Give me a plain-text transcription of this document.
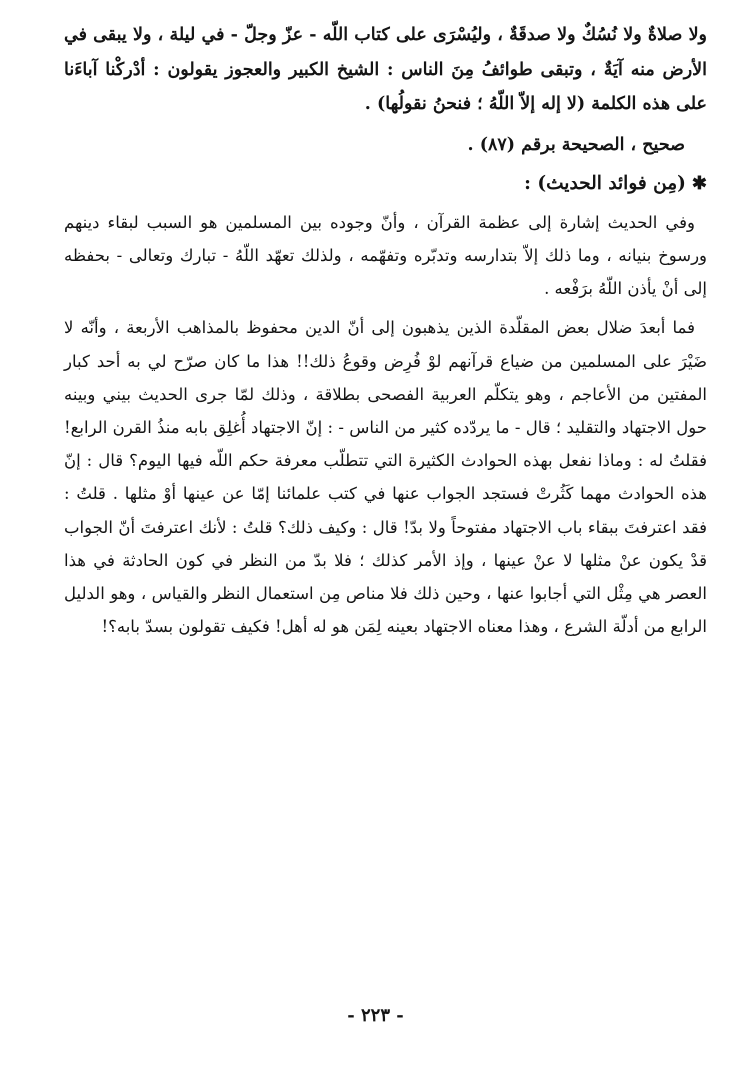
ولا صلاةٌ ولا نُسُكٌ ولا صدقَةٌ ، وليُسْرَى على كتاب اللّه - عزّ وجلّ - في ليلة ، ولا يبقى في الأرض منه آيَةٌ ، وتبقى طوائفُ مِنَ الناس : الشيخ الكبير والعجوز يقولون : أدْركْنا آباءَنا على هذه الكلمة (لا إله إلاّ اللّهُ ؛ فنحنُ نقولُها) .
صحيح ، الصحيحة برقم (٨٧) .
✱
(مِن فوائد الحديث) :
وفي الحديث إشارة إلى عظمة القرآن ، وأنّ وجوده بين المسلمين هو السبب لبقاء دينهم ورسوخ بنيانه ، وما ذلك إلاّ بتدارسه وتدبّره وتفهّمه ، ولذلك تعهّد اللّهُ - تبارك وتعالى - بحفظه إلى أنْ يأذن اللّهُ برَفْعه .
فما أبعدَ ضلال بعض المقلّدة الذين يذهبون إلى أنّ الدين محفوظ بالمذاهب الأربعة ، وأنّه لا ضَيْرَ على المسلمين من ضياع قرآنهم لوْ فُرِض وقوعُ ذلك!! هذا ما كان صرّح لي به أحد كبار المفتين من الأعاجم ، وهو يتكلّم العربية الفصحى بطلاقة ، وذلك لمّا جرى الحديث بيني وبينه حول الاجتهاد والتقليد ؛ قال - ما يردّده كثير من الناس - : إنّ الاجتهاد أُغلِق بابه منذُ القرن الرابع! فقلتُ له : وماذا نفعل بهذه الحوادث الكثيرة التي تتطلّب معرفة حكم اللّه فيها اليوم؟ قال : إنّ هذه الحوادث مهما كَثُرتْ فستجد الجواب عنها في كتب علمائنا إمّا عن عينها أوْ مثلها . قلتُ : فقد اعترفتَ ببقاء باب الاجتهاد مفتوحاً ولا بدّ! قال : وكيف ذلك؟ قلتُ : لأنك اعترفتَ أنّ الجواب قدْ يكون عنْ مثلها لا عنْ عينها ، وإذ الأمر كذلك ؛ فلا بدّ من النظر في كون الحادثة في هذا العصر هي مِثْل التي أجابوا عنها ، وحين ذلك فلا مناص مِن استعمال النظر والقياس ، وهو الدليل الرابع من أدلّة الشرع ، وهذا معناه الاجتهاد بعينه لِمَن هو له أهل! فكيف تقولون بسدّ بابه؟!
- ٢٢٣ -
